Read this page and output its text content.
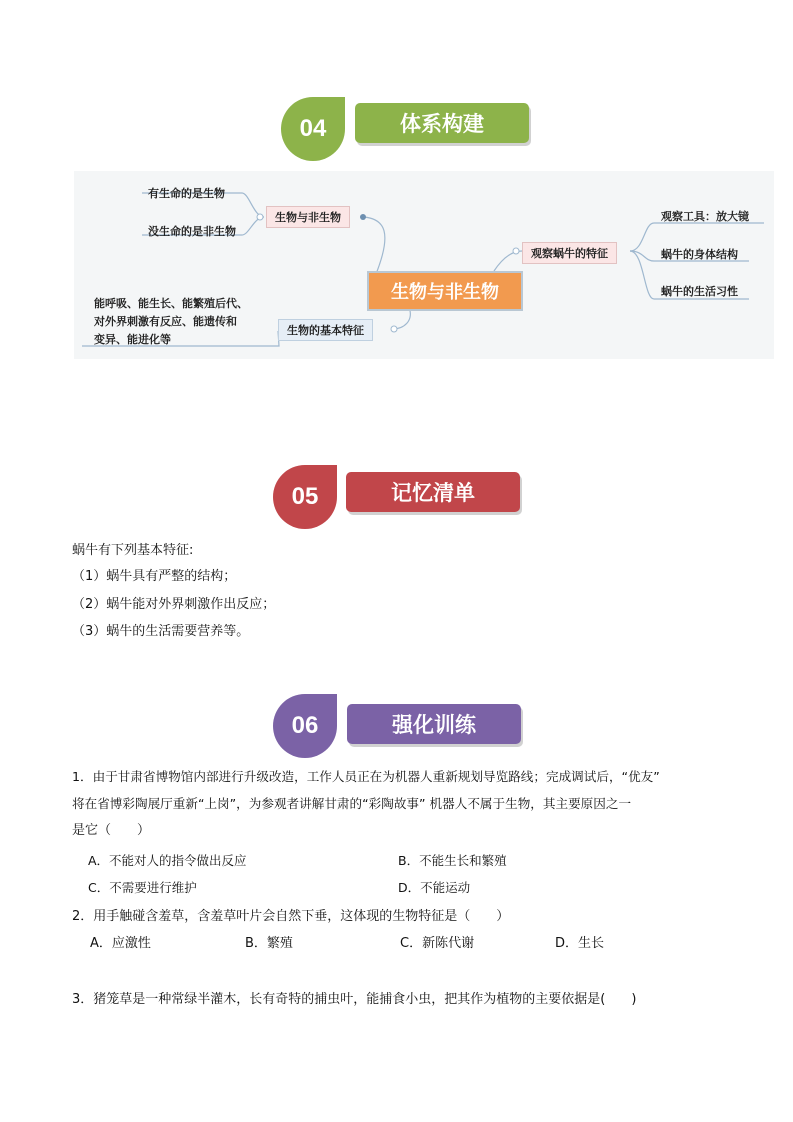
04	体系构建
有生命的是生物
没生命的是非生物
生物与非生物
生物与非生物
生物的基本特征
能呼吸、能生长、能繁殖后代、
对外界刺激有反应、能遗传和
变异、能进化等
观察蜗牛的特征
观察工具：放大镜
蜗牛的身体结构
蜗牛的生活习性
05	记忆清单
蜗牛有下列基本特征:
（1）蜗牛具有严整的结构；
（2）蜗牛能对外界刺激作出反应；
（3）蜗牛的生活需要营养等。
06	强化训练
1．由于甘肃省博物馆内部进行升级改造，工作人员正在为机器人重新规划导览路线；完成调试后，“优友”
将在省博彩陶展厅重新“上岗”，为参观者讲解甘肃的“彩陶故事” 机器人不属于生物，其主要原因之一
是它（　　）
A．不能对人的指令做出反应	B．不能生长和繁殖
C．不需要进行维护	D．不能运动
2．用手触碰含羞草，含羞草叶片会自然下垂，这体现的生物特征是（　　）
A．应激性	B．繁殖	C．新陈代谢	D．生长
3．猪笼草是一种常绿半灌木，长有奇特的捕虫叶，能捕食小虫，把其作为植物的主要依据是(　　)
